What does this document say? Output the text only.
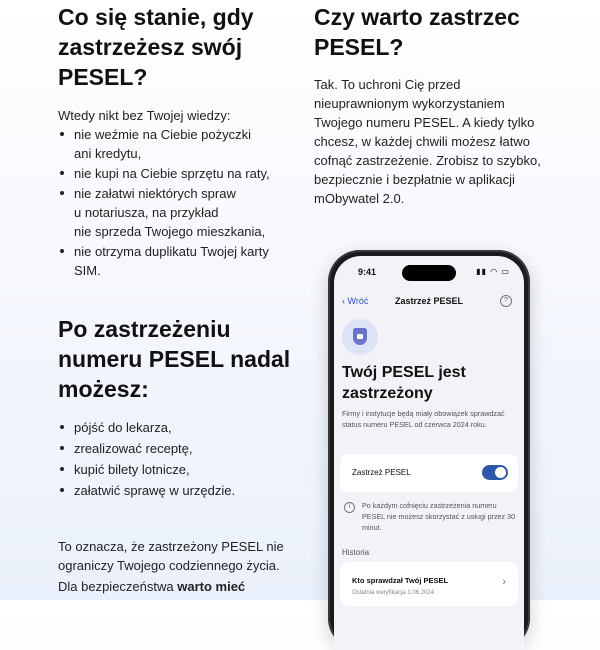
Co się stanie, gdy
zastrzeżesz swój
PESEL?

Wtedy nikt bez Twojej wiedzy:

nie weźmie na Ciebie pożyczki
ani kredytu,
nie kupi na Ciebie sprzętu na raty,
nie załatwi niektórych spraw
u notariusza, na przykład
nie sprzeda Twojego mieszkania,
nie otrzyma duplikatu Twojej karty
SIM.
Po zastrzeżeniu
numeru PESEL nadal
możesz:
pójść do lekarza,
zrealizować receptę,
kupić bilety lotnicze,
załatwić sprawę w urzędzie.

To oznacza, że zastrzeżony PESEL nie
ograniczy Twojego codziennego życia.

Dla bezpieczeństwa warto mieć

Czy warto zastrzec
PESEL?

Tak. To uchroni Cię przed
nieuprawnionym wykorzystaniem
Twojego numeru PESEL. A kiedy tylko
chcesz, w każdej chwili możesz łatwo
cofnąć zastrzeżenie. Zrobisz to szybko,
bezpiecznie i bezpłatnie w aplikacji
mObywatel 2.0.

9:41	▮▮ ◠ ▭
‹ Wróć	Zastrzeż PESEL	?
Twój PESEL jest
zastrzeżony

Firmy i instytucje będą miały obowiązek sprawdzać status numeru PESEL od czerwca 2024 roku.

Zastrzeż PESEL
i	Po każdym cofnięciu zastrzeżenia numeru PESEL nie możesz skorzystać z usługi przez 30 minut.

Historia
Kto sprawdzał Twój PESEL
Ostatnia weryfikacja 1.06.2024
›
